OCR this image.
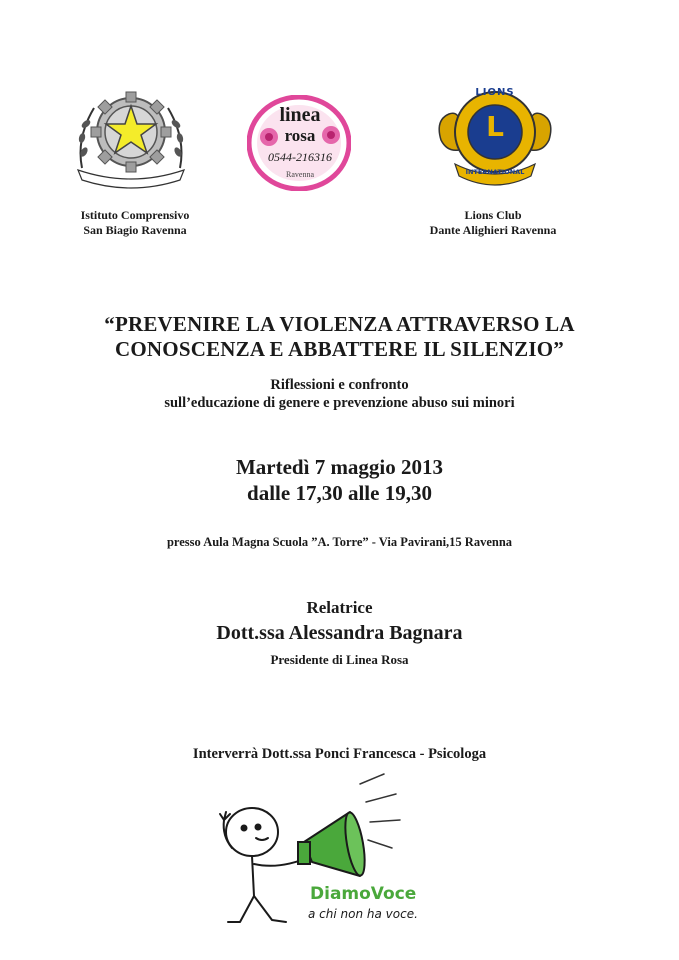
linea
rosa
0544-216316
Ravenna
LIONS
L
INTERNATIONAL
Istituto Comprensivo
San Biagio Ravenna
Lions Club
Dante Alighieri Ravenna
“PREVENIRE LA VIOLENZA ATTRAVERSO LA
CONOSCENZA E ABBATTERE IL SILENZIO”
Riflessioni e confronto
sull’educazione di genere e prevenzione abuso sui minori
Martedì 7 maggio 2013
dalle 17,30 alle 19,30
presso Aula Magna Scuola ”A. Torre” - Via Pavirani,15 Ravenna
Relatrice
Dott.ssa Alessandra Bagnara
Presidente di Linea Rosa
Interverrà Dott.ssa Ponci Francesca - Psicologa
DiamoVoce
a chi non ha voce.
